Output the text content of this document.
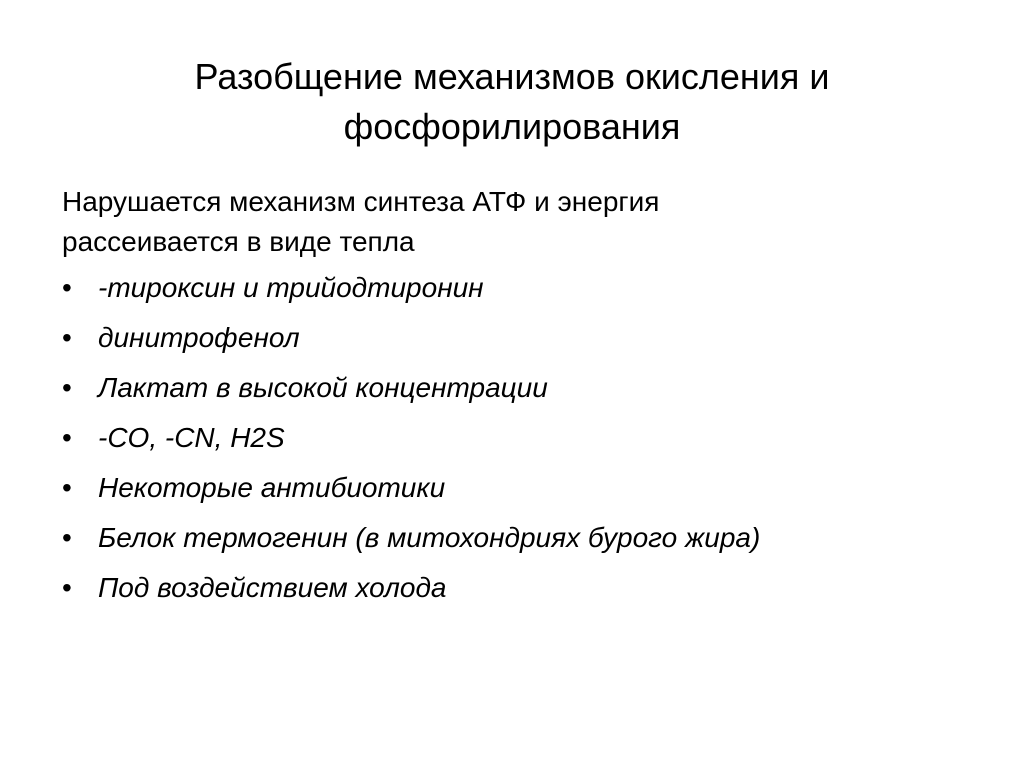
Разобщение механизмов окисления и
фосфорилирования

Нарушается механизм синтеза АТФ и энергия
рассеивается в виде тепла

• -тироксин и трийодтиронин
• динитрофенол
• Лактат в высокой концентрации
• -CO, -CN, H2S
• Некоторые антибиотики
• Белок термогенин (в митохондриях бурого жира)
• Под воздействием холода
